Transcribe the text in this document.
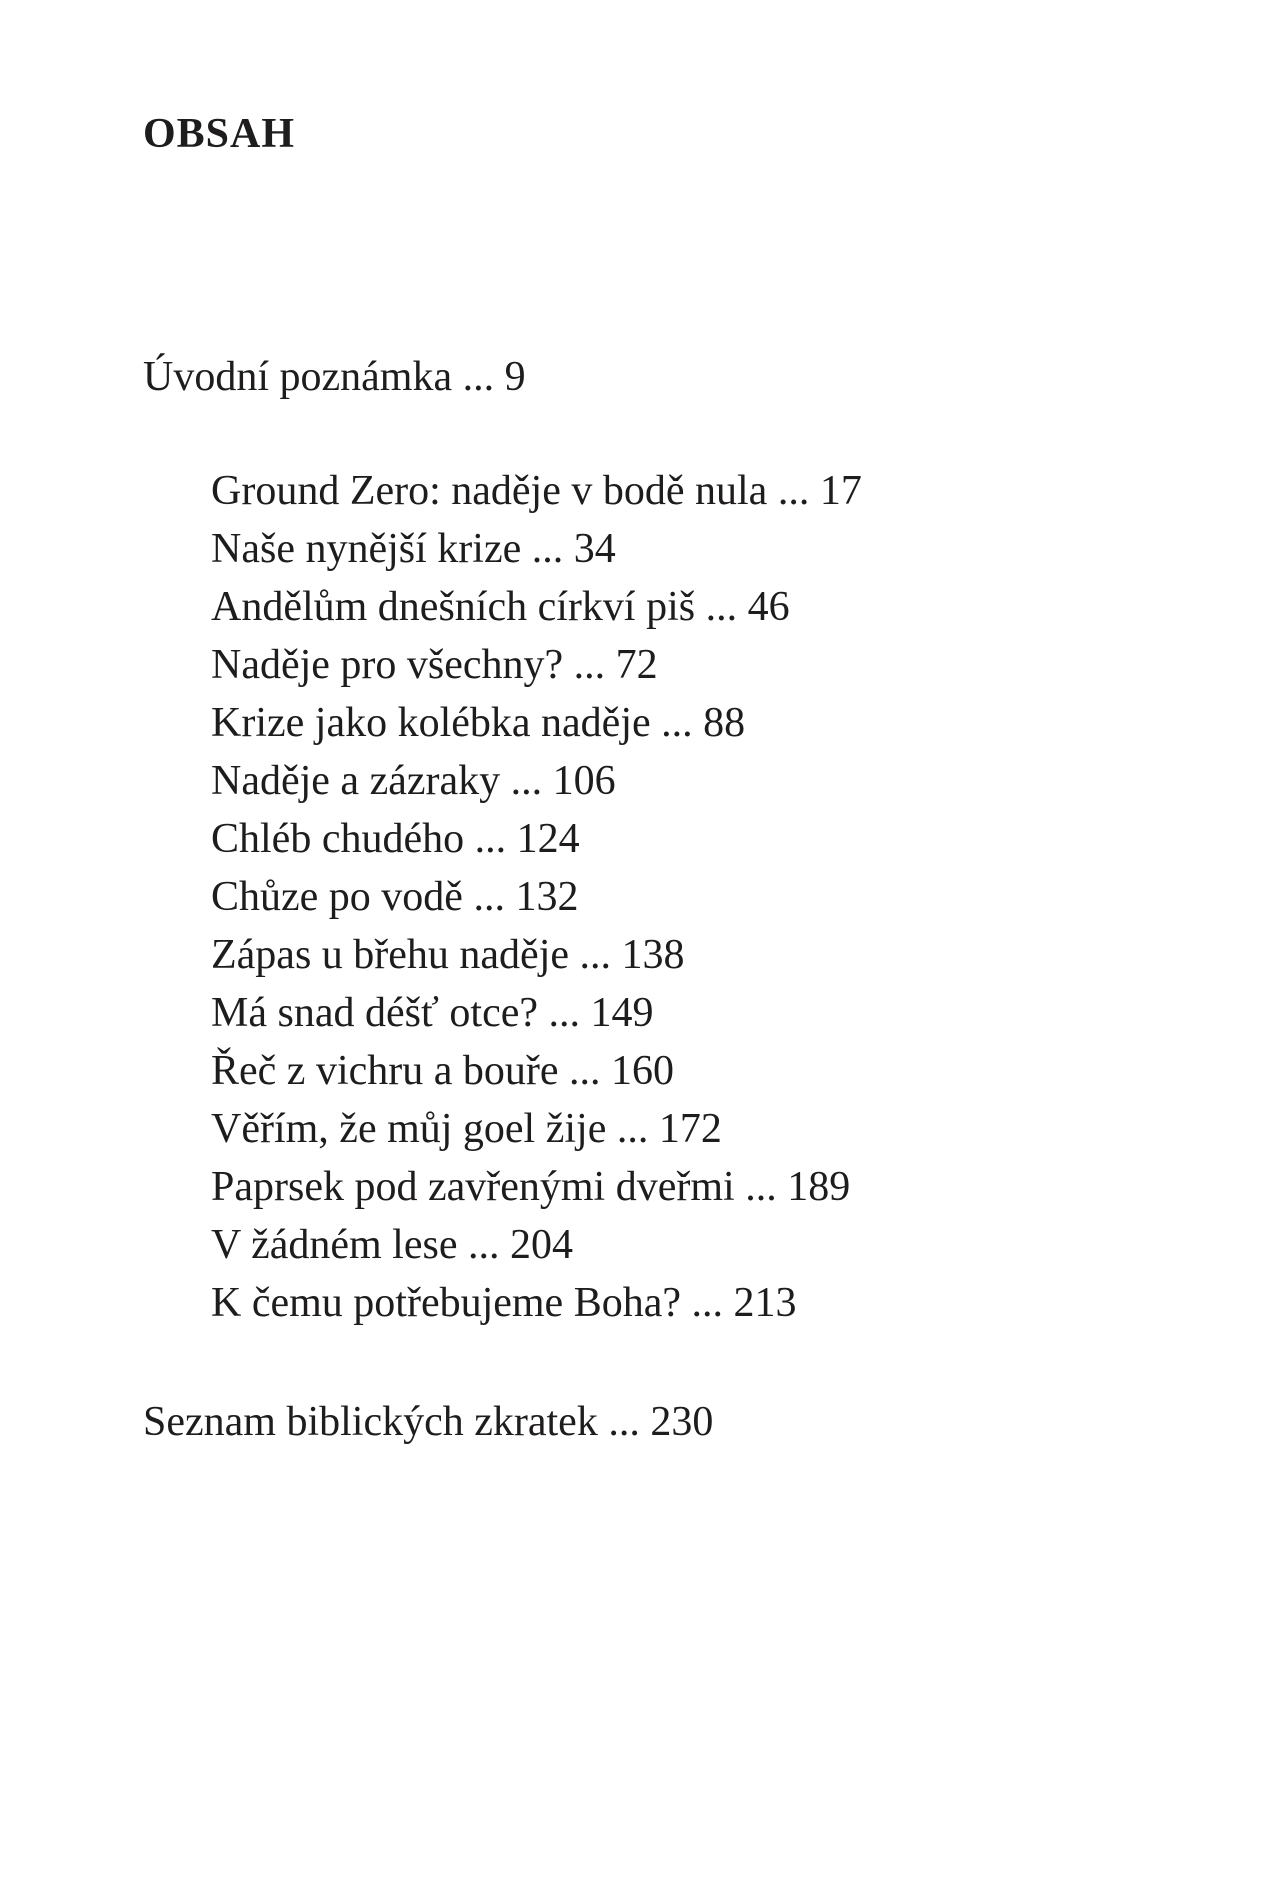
OBSAH
Úvodní poznámka ... 9
Ground Zero: naděje v bodě nula ... 17
Naše nynější krize ... 34
Andělům dnešních církví piš ... 46
Naděje pro všechny? ... 72
Krize jako kolébka naděje ... 88
Naděje a zázraky ... 106
Chléb chudého ... 124
Chůze po vodě ... 132
Zápas u břehu naděje ... 138
Má snad déšť otce? ... 149
Řeč z vichru a bouře ... 160
Věřím, že můj goel žije ... 172
Paprsek pod zavřenými dveřmi ... 189
V žádném lese ... 204
K čemu potřebujeme Boha? ... 213
Seznam biblických zkratek ... 230
